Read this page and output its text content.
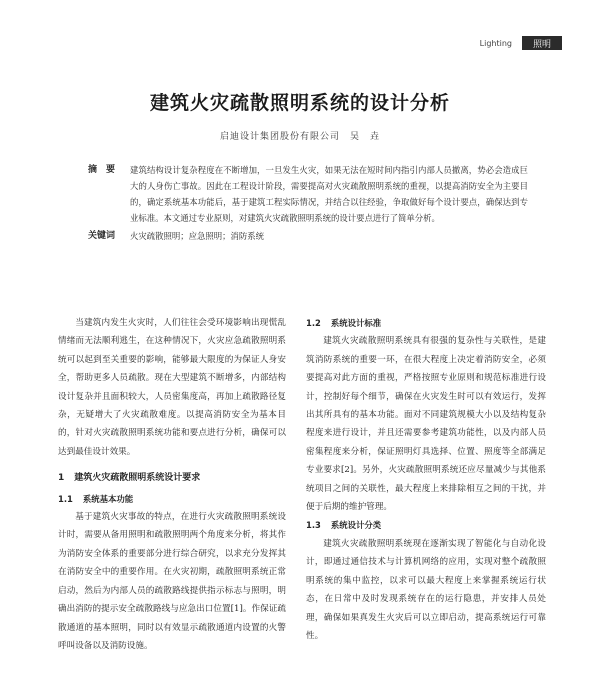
Lighting	照明
建筑火灾疏散照明系统的设计分析
启迪设计集团股份有限公司　吴　垚
摘　要	建筑结构设计复杂程度在不断增加，一旦发生火灾，如果无法在短时间内指引内部人员撤离，势必会造成巨大的人身伤亡事故。因此在工程设计阶段，需要提高对火灾疏散照明系统的重视，以提高消防安全为主要目的，确定系统基本功能后，基于建筑工程实际情况，并结合以往经验，争取做好每个设计要点，确保达到专业标准。本文通过专业原则，对建筑火灾疏散照明系统的设计要点进行了简单分析。
关键词	火灾疏散照明；应急照明；消防系统

当建筑内发生火灾时，人们往往会受环境影响出现慌乱情绪而无法顺利逃生，在这种情况下，火灾应急疏散照明系统可以起到至关重要的影响，能够最大限度的为保证人身安全，帮助更多人员疏散。现在大型建筑不断增多，内部结构设计复杂并且面积较大，人员密集度高，再加上疏散路径复杂，无疑增大了火灾疏散难度。以提高消防安全为基本目的，针对火灾疏散照明系统功能和要点进行分析，确保可以达到最佳设计效果。

1 建筑火灾疏散照明系统设计要求
1.1 系统基本功能

基于建筑火灾事故的特点，在进行火灾疏散照明系统设计时，需要从备用照明和疏散照明两个角度来分析，将其作为消防安全体系的重要部分进行综合研究，以求充分发挥其在消防安全中的重要作用。在火灾初期，疏散照明系统正常启动，然后为内部人员的疏散路线提供指示标志与照明，明确出消防的提示安全疏散路线与应急出口位置[1]。作保证疏散通道的基本照明，同时以有效显示疏散通道内设置的火警呼叫设备以及消防设施。

1.2 系统设计标准

建筑火灾疏散照明系统具有很强的复杂性与关联性，是建筑消防系统的重要一环，在很大程度上决定着消防安全，必须要提高对此方面的重视，严格按照专业原则和规范标准进行设计，控制好每个细节，确保在火灾发生时可以有效运行，发挥出其所具有的基本功能。面对不同建筑规模大小以及结构复杂程度来进行设计，并且还需要参考建筑功能性，以及内部人员密集程度来分析，保证照明灯具选择、位置、照度等全部满足专业要求[2]。另外，火灾疏散照明系统还应尽量减少与其他系统项目之间的关联性，最大程度上来排除相互之间的干扰，并便于后期的维护管理。

1.3 系统设计分类

建筑火灾疏散照明系统现在逐渐实现了智能化与自动化设计，即通过通信技术与计算机网络的应用，实现对整个疏散照明系统的集中监控，以求可以最大程度上来掌握系统运行状态，在日常中及时发现系统存在的运行隐患，并安排人员处理，确保如果真发生火灾后可以立即启动，提高系统运行可靠性。
